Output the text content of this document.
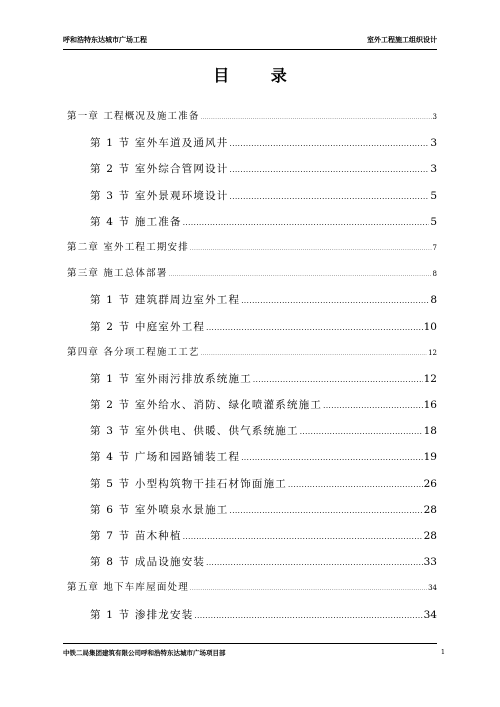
呼和浩特东达城市广场工程	室外工程施工组织设计
目 录
第一章 工程概况及施工准备 .....	3
第 1 节 室外车道及通风井 .....	3
第 2 节 室外综合管网设计 .....	3
第 3 节 室外景观环境设计 .....	5
第 4 节 施工准备 .....	5
第二章 室外工程工期安排 .....	7
第三章 施工总体部署 .....	8
第 1 节 建筑群周边室外工程 .....	8
第 2 节 中庭室外工程 .....	10
第四章 各分项工程施工工艺 .....	12
第 1 节 室外雨污排放系统施工 .....	12
第 2 节 室外给水、消防、绿化喷灌系统施工 .....	16
第 3 节 室外供电、供暖、供气系统施工 .....	18
第 4 节 广场和园路铺装工程 .....	19
第 5 节 小型构筑物干挂石材饰面施工 .....	26
第 6 节 室外喷泉水景施工 .....	28
第 7 节 苗木种植 .....	28
第 8 节 成品设施安装 .....	33
第五章 地下车库屋面处理 .....	34
第 1 节 渗排龙安装 .....	34
中铁二局集团建筑有限公司呼和浩特东达城市广场项目部	1
